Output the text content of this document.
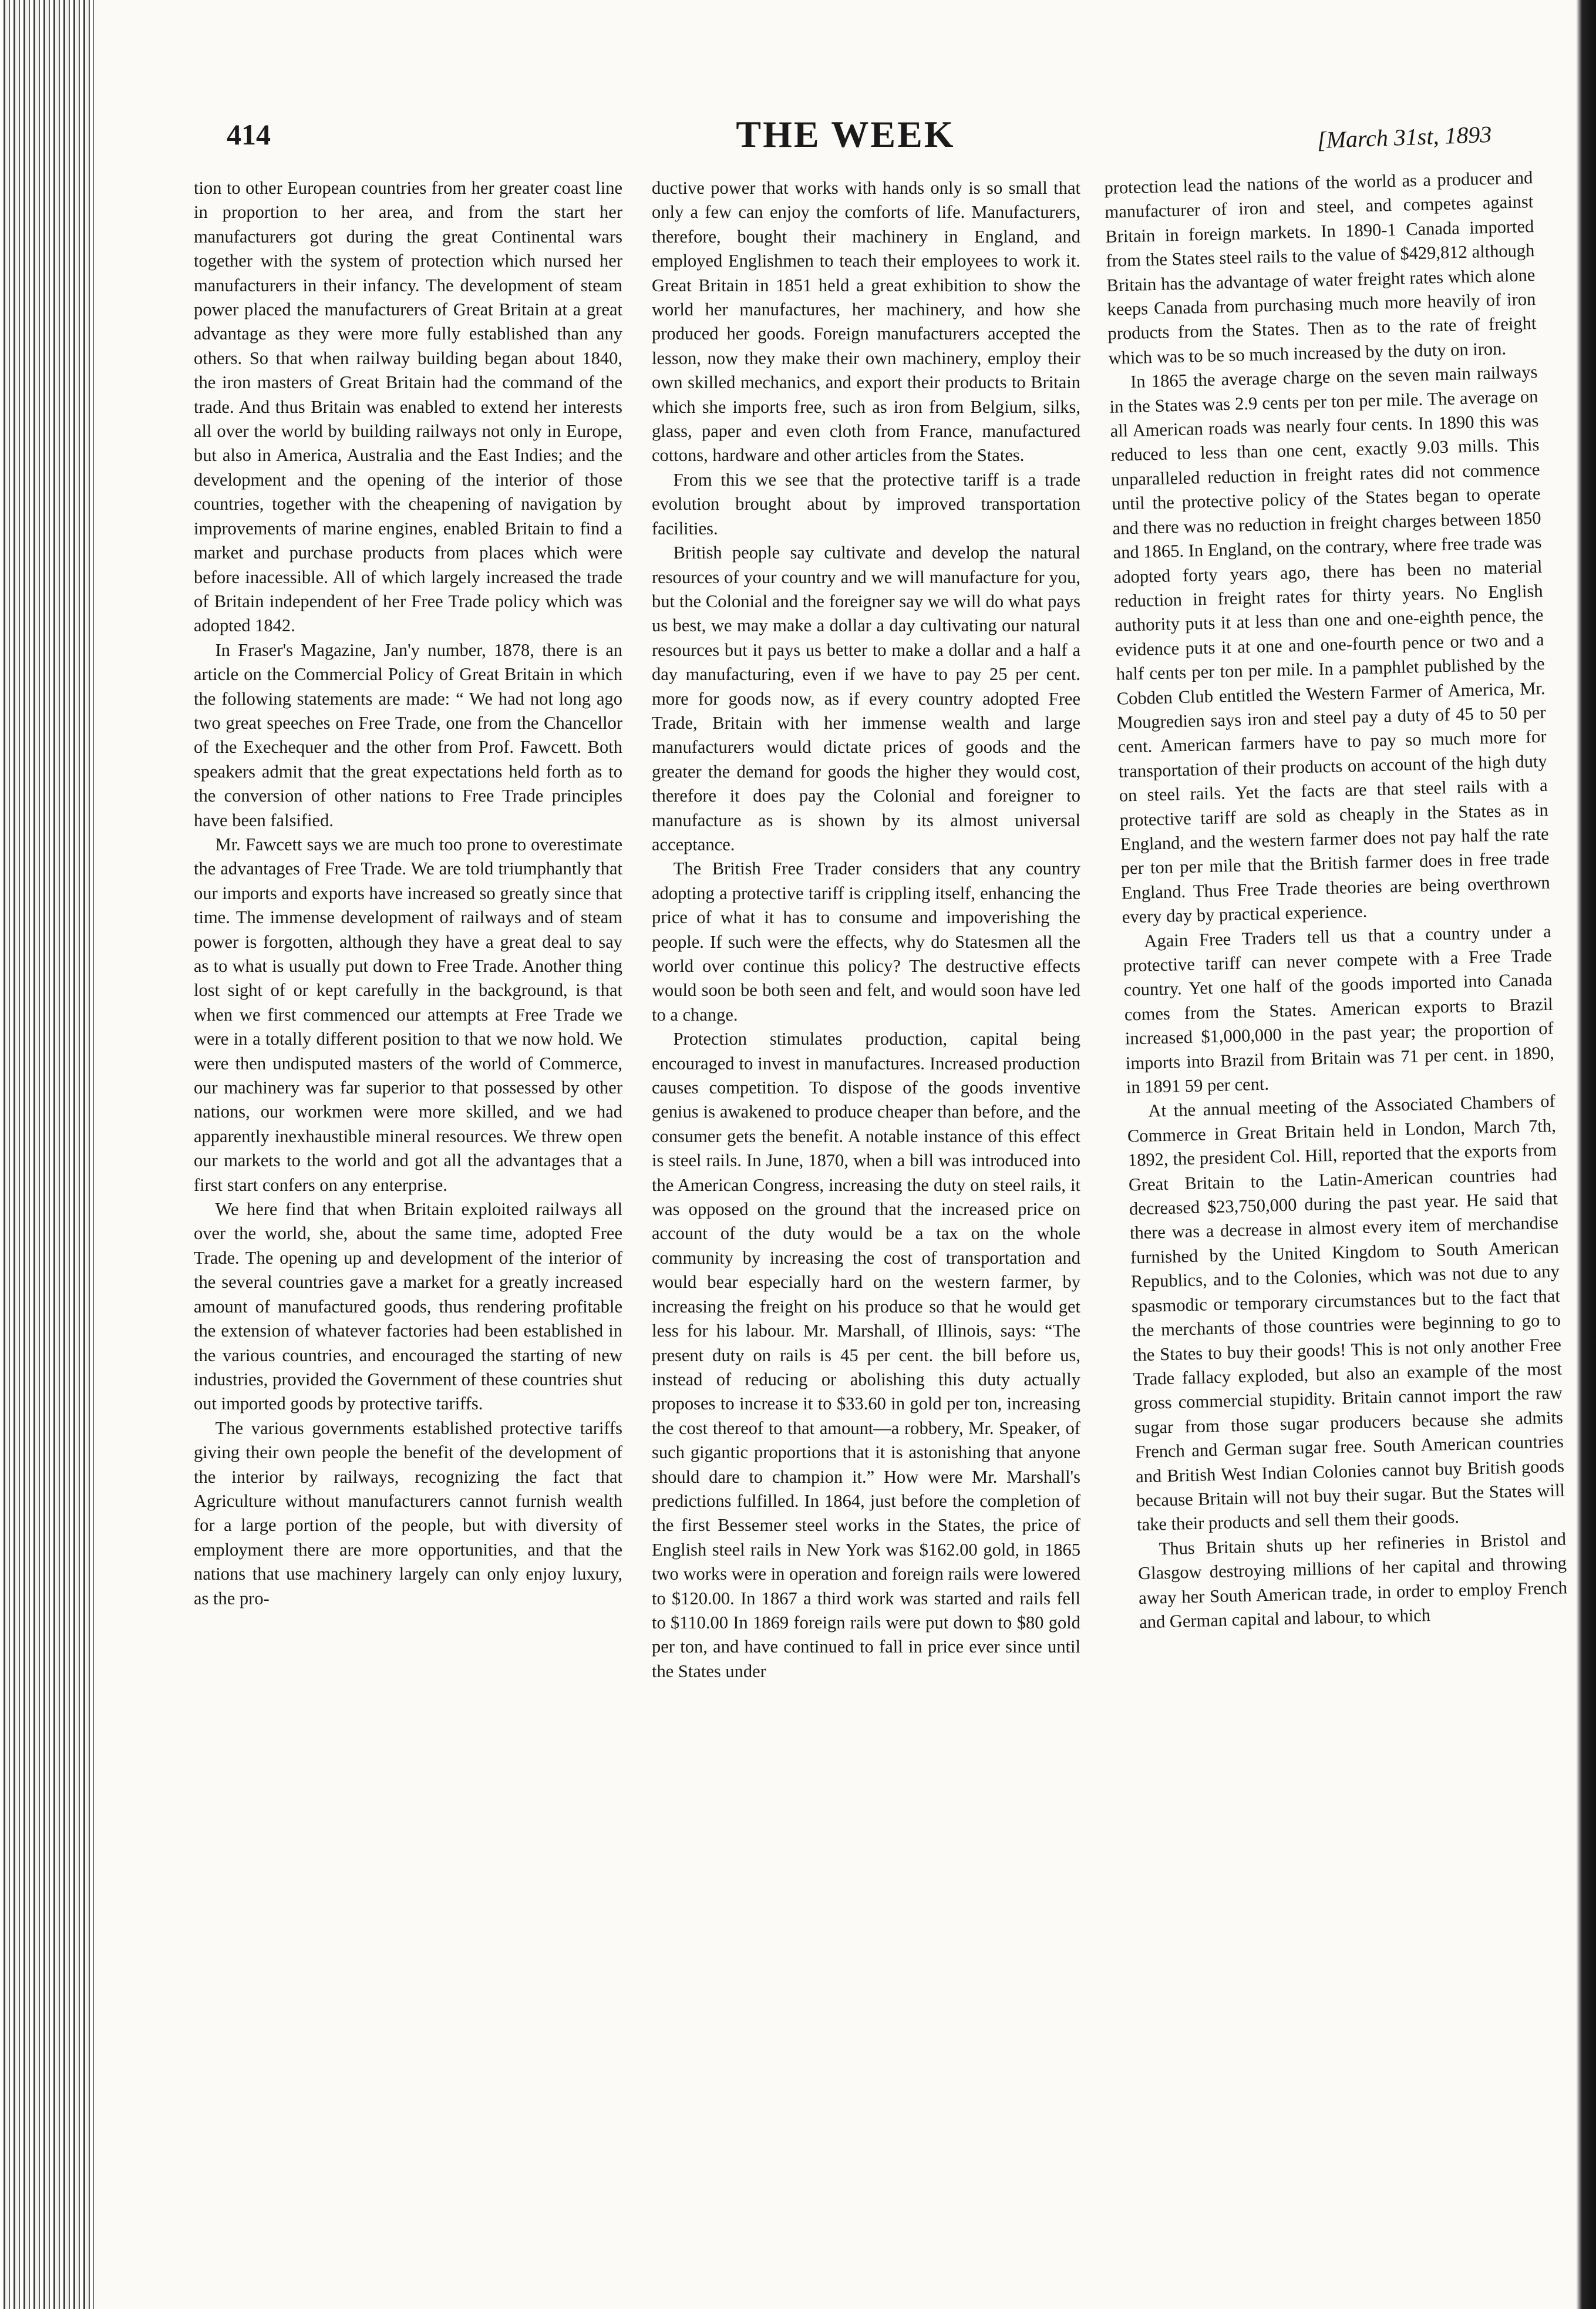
414	THE WEEK	[March 31st, 1893

tion to other European countries from her greater coast line in proportion to her area, and from the start her manufacturers got during the great Continental wars together with the system of protection which nursed her manufacturers in their infancy. The development of steam power placed the manufacturers of Great Britain at a great advantage as they were more fully established than any others. So that when railway building began about 1840, the iron masters of Great Britain had the command of the trade. And thus Britain was enabled to extend her interests all over the world by building railways not only in Europe, but also in America, Australia and the East Indies; and the development and the opening of the interior of those countries, together with the cheapening of navigation by improvements of marine engines, enabled Britain to find a market and purchase products from places which were before inacessible. All of which largely increased the trade of Britain independent of her Free Trade policy which was adopted 1842.

In Fraser's Magazine, Jan'y number, 1878, there is an article on the Commercial Policy of Great Britain in which the following statements are made: “ We had not long ago two great speeches on Free Trade, one from the Chancellor of the Exechequer and the other from Prof. Fawcett. Both speakers admit that the great expectations held forth as to the conversion of other nations to Free Trade principles have been falsified.

Mr. Fawcett says we are much too prone to overestimate the advantages of Free Trade. We are told triumphantly that our imports and exports have increased so greatly since that time. The immense development of railways and of steam power is forgotten, although they have a great deal to say as to what is usually put down to Free Trade. Another thing lost sight of or kept carefully in the background, is that when we first commenced our attempts at Free Trade we were in a totally different position to that we now hold. We were then undisputed masters of the world of Commerce, our machinery was far superior to that possessed by other nations, our workmen were more skilled, and we had apparently inexhaustible mineral resources. We threw open our markets to the world and got all the advantages that a first start confers on any enterprise.

We here find that when Britain exploited railways all over the world, she, about the same time, adopted Free Trade. The opening up and development of the interior of the several countries gave a market for a greatly increased amount of manufactured goods, thus rendering profitable the extension of whatever factories had been established in the various countries, and encouraged the starting of new industries, provided the Government of these countries shut out imported goods by protective tariffs.

The various governments established protective tariffs giving their own people the benefit of the development of the interior by railways, recognizing the fact that Agriculture without manufacturers cannot furnish wealth for a large portion of the people, but with diversity of employment there are more opportunities, and that the nations that use machinery largely can only enjoy luxury, as the pro-

ductive power that works with hands only is so small that only a few can enjoy the comforts of life. Manufacturers, therefore, bought their machinery in England, and employed Englishmen to teach their employees to work it. Great Britain in 1851 held a great exhibition to show the world her manufactures, her machinery, and how she produced her goods. Foreign manufacturers accepted the lesson, now they make their own machinery, employ their own skilled mechanics, and export their products to Britain which she imports free, such as iron from Belgium, silks, glass, paper and even cloth from France, manufactured cottons, hardware and other articles from the States.

From this we see that the protective tariff is a trade evolution brought about by improved transportation facilities.

British people say cultivate and develop the natural resources of your country and we will manufacture for you, but the Colonial and the foreigner say we will do what pays us best, we may make a dollar a day cultivating our natural resources but it pays us better to make a dollar and a half a day manufacturing, even if we have to pay 25 per cent. more for goods now, as if every country adopted Free Trade, Britain with her immense wealth and large manufacturers would dictate prices of goods and the greater the demand for goods the higher they would cost, therefore it does pay the Colonial and foreigner to manufacture as is shown by its almost universal acceptance.

The British Free Trader considers that any country adopting a protective tariff is crippling itself, enhancing the price of what it has to consume and impoverishing the people. If such were the effects, why do Statesmen all the world over continue this policy? The destructive effects would soon be both seen and felt, and would soon have led to a change.

Protection stimulates production, capital being encouraged to invest in manufactures. Increased production causes competition. To dispose of the goods inventive genius is awakened to produce cheaper than before, and the consumer gets the benefit. A notable instance of this effect is steel rails. In June, 1870, when a bill was introduced into the American Congress, increasing the duty on steel rails, it was opposed on the ground that the increased price on account of the duty would be a tax on the whole community by increasing the cost of transportation and would bear especially hard on the western farmer, by increasing the freight on his produce so that he would get less for his labour. Mr. Marshall, of Illinois, says: “The present duty on rails is 45 per cent. the bill before us, instead of reducing or abolishing this duty actually proposes to increase it to $33.60 in gold per ton, increasing the cost thereof to that amount—a robbery, Mr. Speaker, of such gigantic proportions that it is astonishing that anyone should dare to champion it.” How were Mr. Marshall's predictions fulfilled. In 1864, just before the completion of the first Bessemer steel works in the States, the price of English steel rails in New York was $162.00 gold, in 1865 two works were in operation and foreign rails were lowered to $120.00. In 1867 a third work was started and rails fell to $110.00 In 1869 foreign rails were put down to $80 gold per ton, and have continued to fall in price ever since until the States under

protection lead the nations of the world as a producer and manufacturer of iron and steel, and competes against Britain in foreign markets. In 1890-1 Canada imported from the States steel rails to the value of $429,812 although Britain has the advantage of water freight rates which alone keeps Canada from purchasing much more heavily of iron products from the States. Then as to the rate of freight which was to be so much increased by the duty on iron.

In 1865 the average charge on the seven main railways in the States was 2.9 cents per ton per mile. The average on all American roads was nearly four cents. In 1890 this was reduced to less than one cent, exactly 9.03 mills. This unparalleled reduction in freight rates did not commence until the protective policy of the States began to operate and there was no reduction in freight charges between 1850 and 1865. In England, on the contrary, where free trade was adopted forty years ago, there has been no material reduction in freight rates for thirty years. No English authority puts it at less than one and one-eighth pence, the evidence puts it at one and one-fourth pence or two and a half cents per ton per mile. In a pamphlet published by the Cobden Club entitled the Western Farmer of America, Mr. Mougredien says iron and steel pay a duty of 45 to 50 per cent. American farmers have to pay so much more for transportation of their products on account of the high duty on steel rails. Yet the facts are that steel rails with a protective tariff are sold as cheaply in the States as in England, and the western farmer does not pay half the rate per ton per mile that the British farmer does in free trade England. Thus Free Trade theories are being overthrown every day by practical experience.

Again Free Traders tell us that a country under a protective tariff can never compete with a Free Trade country. Yet one half of the goods imported into Canada comes from the States. American exports to Brazil increased $1,000,000 in the past year; the proportion of imports into Brazil from Britain was 71 per cent. in 1890, in 1891 59 per cent.

At the annual meeting of the Associated Chambers of Commerce in Great Britain held in London, March 7th, 1892, the president Col. Hill, reported that the exports from Great Britain to the Latin-American countries had decreased $23,750,000 during the past year. He said that there was a decrease in almost every item of merchandise furnished by the United Kingdom to South American Republics, and to the Colonies, which was not due to any spasmodic or temporary circumstances but to the fact that the merchants of those countries were beginning to go to the States to buy their goods! This is not only another Free Trade fallacy exploded, but also an example of the most gross commercial stupidity. Britain cannot import the raw sugar from those sugar producers because she admits French and German sugar free. South American countries and British West Indian Colonies cannot buy British goods because Britain will not buy their sugar. But the States will take their products and sell them their goods.

Thus Britain shuts up her refineries in Bristol and Glasgow destroying millions of her capital and throwing away her South American trade, in order to employ French and German capital and labour, to which
